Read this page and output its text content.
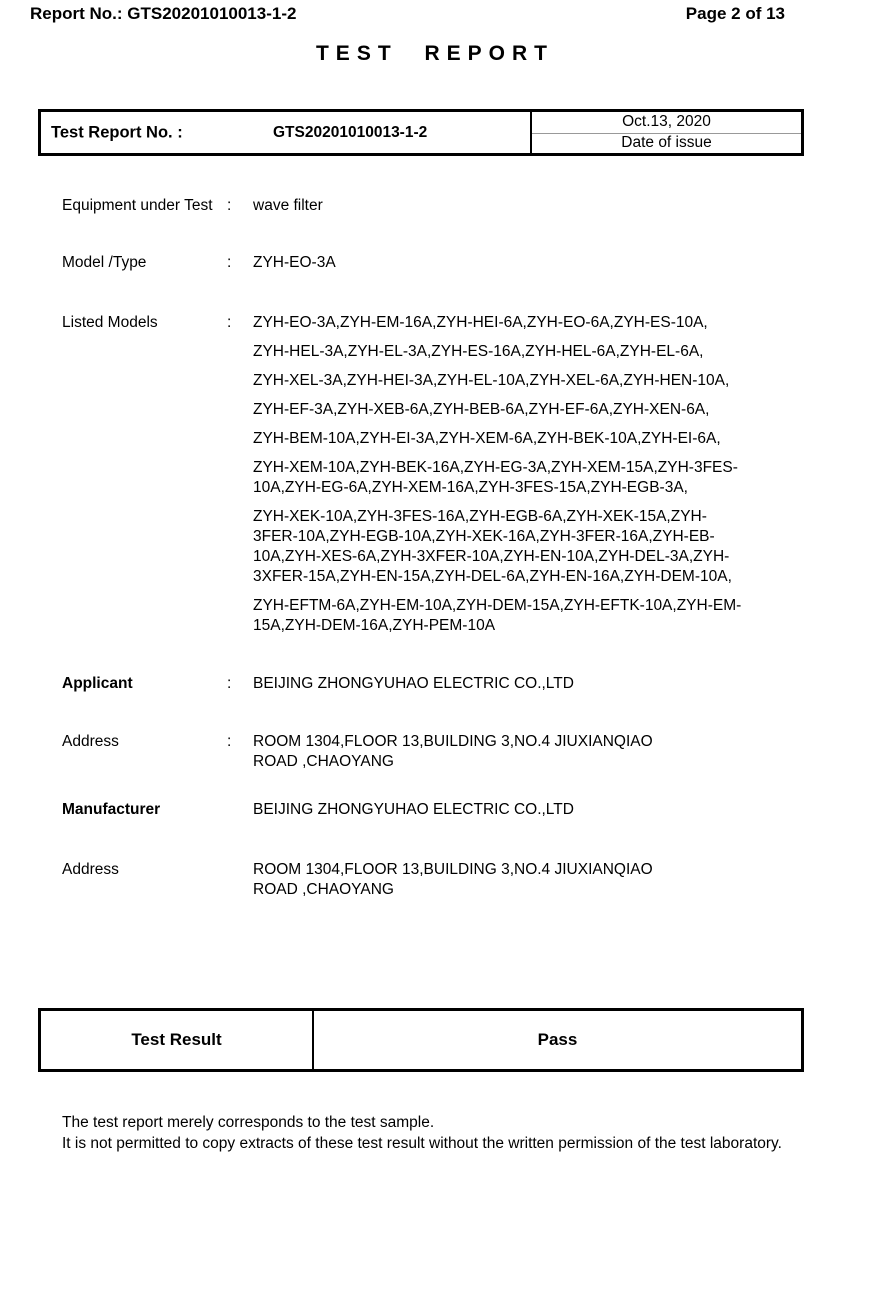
Report No.: GTS20201010013-1-2	Page 2 of 13
TEST REPORT
Test Report No. :	GTS20201010013-1-2
Oct.13, 2020
Date of issue
Equipment under Test :	wave filter
Model /Type	:	ZYH-EO-3A
Listed Models	:	ZYH-EO-3A,ZYH-EM-16A,ZYH-HEI-6A,ZYH-EO-6A,ZYH-ES-10A,
ZYH-HEL-3A,ZYH-EL-3A,ZYH-ES-16A,ZYH-HEL-6A,ZYH-EL-6A,
ZYH-XEL-3A,ZYH-HEI-3A,ZYH-EL-10A,ZYH-XEL-6A,ZYH-HEN-10A,
ZYH-EF-3A,ZYH-XEB-6A,ZYH-BEB-6A,ZYH-EF-6A,ZYH-XEN-6A,
ZYH-BEM-10A,ZYH-EI-3A,ZYH-XEM-6A,ZYH-BEK-10A,ZYH-EI-6A,
ZYH-XEM-10A,ZYH-BEK-16A,ZYH-EG-3A,ZYH-XEM-15A,ZYH-3FES-
10A,ZYH-EG-6A,ZYH-XEM-16A,ZYH-3FES-15A,ZYH-EGB-3A,
ZYH-XEK-10A,ZYH-3FES-16A,ZYH-EGB-6A,ZYH-XEK-15A,ZYH-
3FER-10A,ZYH-EGB-10A,ZYH-XEK-16A,ZYH-3FER-16A,ZYH-EB-
10A,ZYH-XES-6A,ZYH-3XFER-10A,ZYH-EN-10A,ZYH-DEL-3A,ZYH-
3XFER-15A,ZYH-EN-15A,ZYH-DEL-6A,ZYH-EN-16A,ZYH-DEM-10A,
ZYH-EFTM-6A,ZYH-EM-10A,ZYH-DEM-15A,ZYH-EFTK-10A,ZYH-EM-
15A,ZYH-DEM-16A,ZYH-PEM-10A
Applicant	:	BEIJING ZHONGYUHAO ELECTRIC CO.,LTD
Address	:	ROOM 1304,FLOOR 13,BUILDING 3,NO.4 JIUXIANQIAO
ROAD ,CHAOYANG
Manufacturer	BEIJING ZHONGYUHAO ELECTRIC CO.,LTD
Address	ROOM 1304,FLOOR 13,BUILDING 3,NO.4 JIUXIANQIAO
ROAD ,CHAOYANG
Test Result	Pass
The test report merely corresponds to the test sample.
It is not permitted to copy extracts of these test result without the written permission of the test laboratory.
